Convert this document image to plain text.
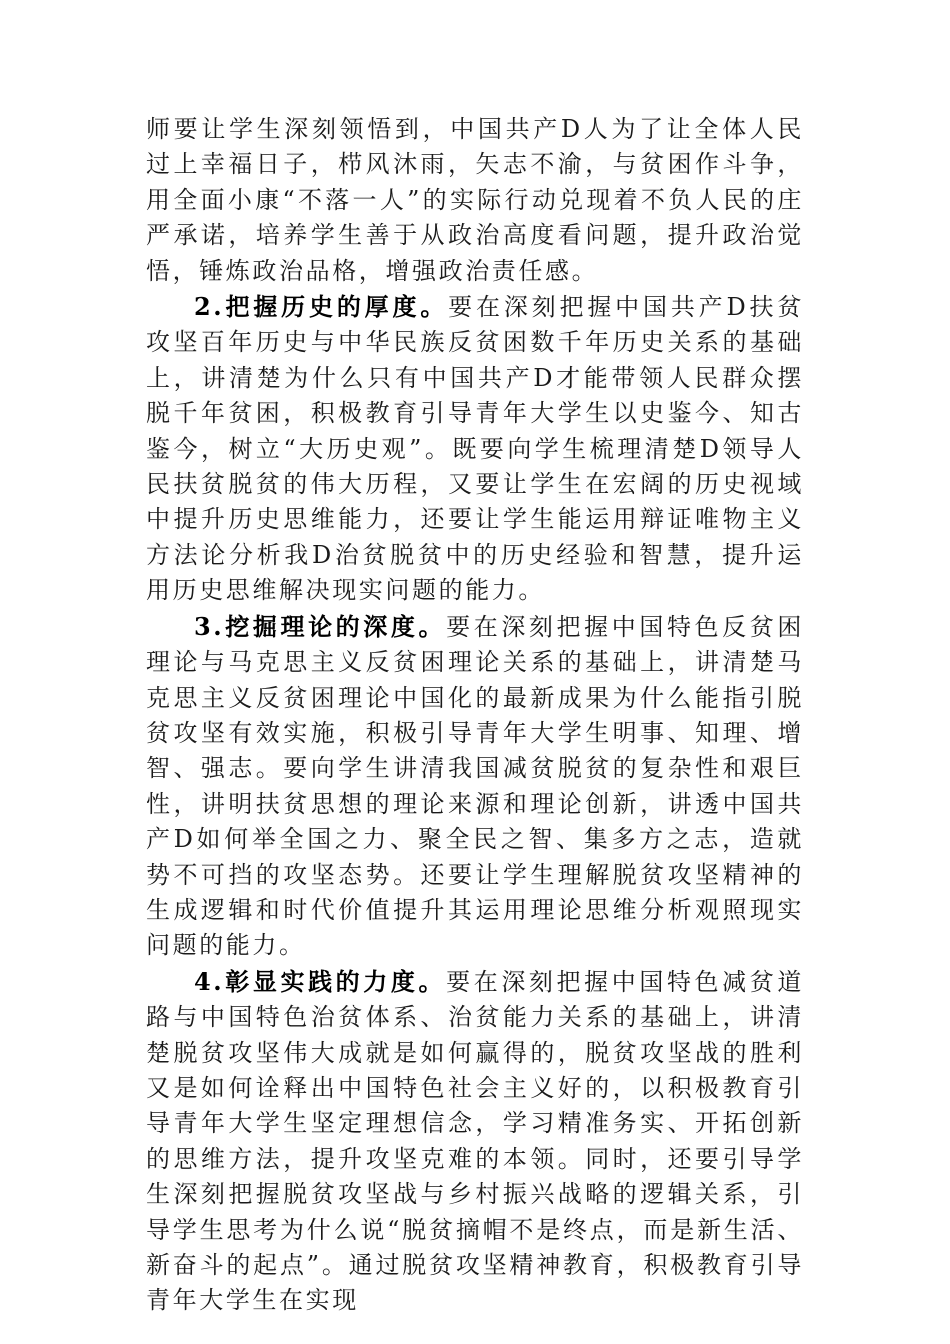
师要让学生深刻领悟到，中国共产D人为了让全体人民过上幸福日子，栉风沐雨，矢志不渝，与贫困作斗争，用全面小康“不落一人”的实际行动兑现着不负人民的庄严承诺，培养学生善于从政治高度看问题，提升政治觉悟，锤炼政治品格，增强政治责任感。

2.把握历史的厚度。要在深刻把握中国共产D扶贫攻坚百年历史与中华民族反贫困数千年历史关系的基础上，讲清楚为什么只有中国共产D才能带领人民群众摆脱千年贫困，积极教育引导青年大学生以史鉴今、知古鉴今，树立“大历史观”。既要向学生梳理清楚D领导人民扶贫脱贫的伟大历程，又要让学生在宏阔的历史视域中提升历史思维能力，还要让学生能运用辩证唯物主义方法论分析我D治贫脱贫中的历史经验和智慧，提升运用历史思维解决现实问题的能力。

3.挖掘理论的深度。要在深刻把握中国特色反贫困理论与马克思主义反贫困理论关系的基础上，讲清楚马克思主义反贫困理论中国化的最新成果为什么能指引脱贫攻坚有效实施，积极引导青年大学生明事、知理、增智、强志。要向学生讲清我国减贫脱贫的复杂性和艰巨性，讲明扶贫思想的理论来源和理论创新，讲透中国共产D如何举全国之力、聚全民之智、集多方之志，造就势不可挡的攻坚态势。还要让学生理解脱贫攻坚精神的生成逻辑和时代价值提升其运用理论思维分析观照现实问题的能力。

4.彰显实践的力度。要在深刻把握中国特色减贫道路与中国特色治贫体系、治贫能力关系的基础上，讲清楚脱贫攻坚伟大成就是如何赢得的，脱贫攻坚战的胜利又是如何诠释出中国特色社会主义好的，以积极教育引导青年大学生坚定理想信念，学习精准务实、开拓创新的思维方法，提升攻坚克难的本领。同时，还要引导学生深刻把握脱贫攻坚战与乡村振兴战略的逻辑关系，引导学生思考为什么说“脱贫摘帽不是终点，而是新生活、新奋斗的起点”。通过脱贫攻坚精神教育，积极教育引导青年大学生在实现
